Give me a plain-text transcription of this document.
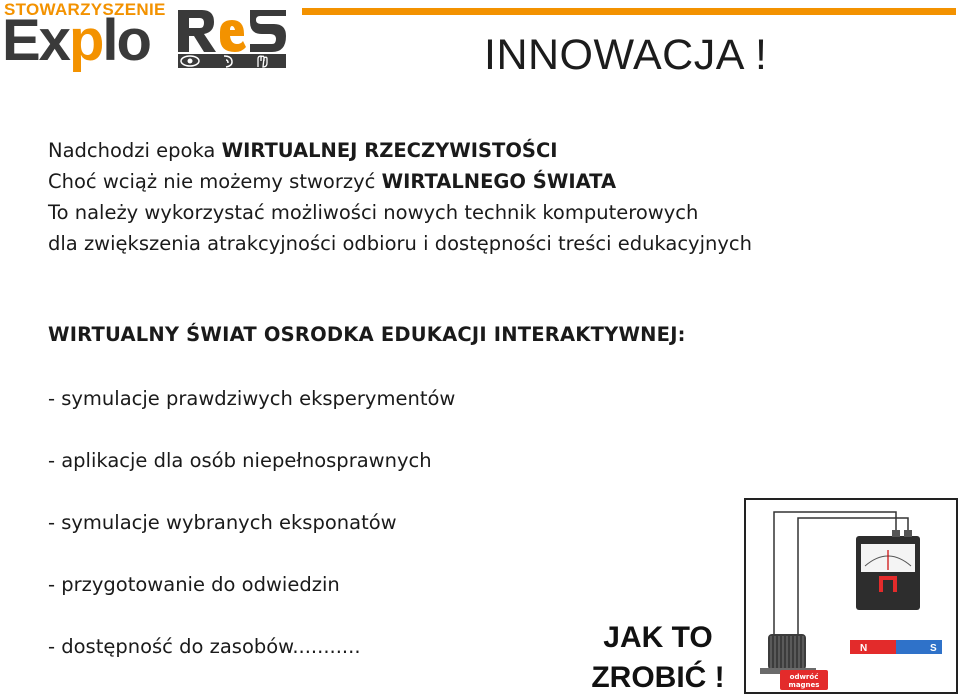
STOWARZYSZENIE
Explo	INNOWACJA !
Nadchodzi epoka WIRTUALNEJ RZECZYWISTOŚCI
Choć wciąż nie możemy stworzyć WIRTALNEGO ŚWIATA
To należy wykorzystać możliwości nowych technik komputerowych
dla zwiększenia atrakcyjności odbioru i dostępności treści edukacyjnych
WIRTUALNY ŚWIAT OSRODKA EDUKACJI INTERAKTYWNEJ:
- symulacje prawdziwych eksperymentów
- aplikacje dla osób niepełnosprawnych
- symulacje wybranych eksponatów
- przygotowanie do odwiedzin
- dostępność do zasobów...........	JAK TO
ZROBIĆ !
N	S
odwróć
magnes
